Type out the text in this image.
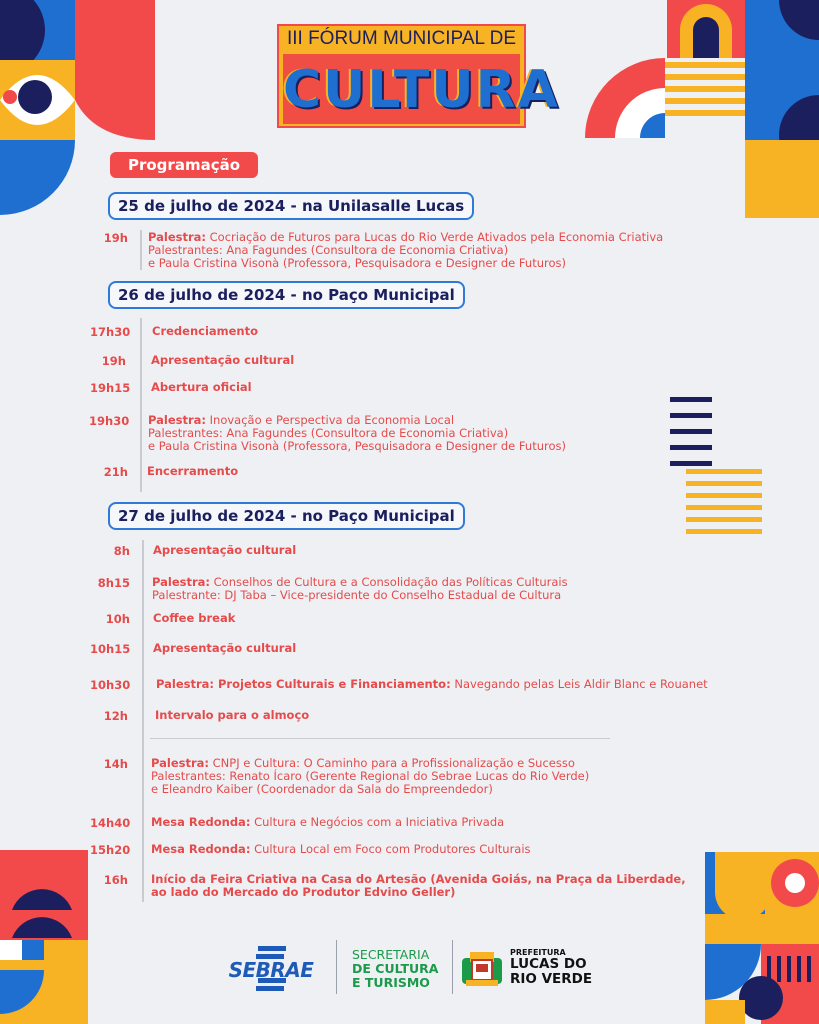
III FÓRUM MUNICIPAL DE
CULTURA
Programação
25 de julho de 2024 - na Unilasalle Lucas
19h Palestra: Cocriação de Futuros para Lucas do Rio Verde Ativados pela Economia Criativa
Palestrantes: Ana Fagundes (Consultora de Economia Criativa)
e Paula Cristina Visonà (Professora, Pesquisadora e Designer de Futuros)
26 de julho de 2024 - no Paço Municipal
17h30 Credenciamento
19h Apresentação cultural
19h15 Abertura oficial
19h30 Palestra: Inovação e Perspectiva da Economia Local
Palestrantes: Ana Fagundes (Consultora de Economia Criativa)
e Paula Cristina Visonà (Professora, Pesquisadora e Designer de Futuros)
21h Encerramento
27 de julho de 2024 - no Paço Municipal
8h Apresentação cultural
8h15 Palestra: Conselhos de Cultura e a Consolidação das Políticas Culturais
Palestrante: DJ Taba – Vice-presidente do Conselho Estadual de Cultura
10h Coffee break
10h15 Apresentação cultural
10h30 Palestra: Projetos Culturais e Financiamento: Navegando pelas Leis Aldir Blanc e Rouanet
12h Intervalo para o almoço
14h Palestra: CNPJ e Cultura: O Caminho para a Profissionalização e Sucesso
Palestrantes: Renato Ícaro (Gerente Regional do Sebrae Lucas do Rio Verde)
e Eleandro Kaiber (Coordenador da Sala do Empreendedor)
14h40 Mesa Redonda: Cultura e Negócios com a Iniciativa Privada
15h20 Mesa Redonda: Cultura Local em Foco com Produtores Culturais
16h Início da Feira Criativa na Casa do Artesão (Avenida Goiás, na Praça da Liberdade,
ao lado do Mercado do Produtor Edvino Geller)
SEBRAE
SECRETARIA
DE CULTURA
E TURISMO
PREFEITURA
LUCAS DO
RIO VERDE
